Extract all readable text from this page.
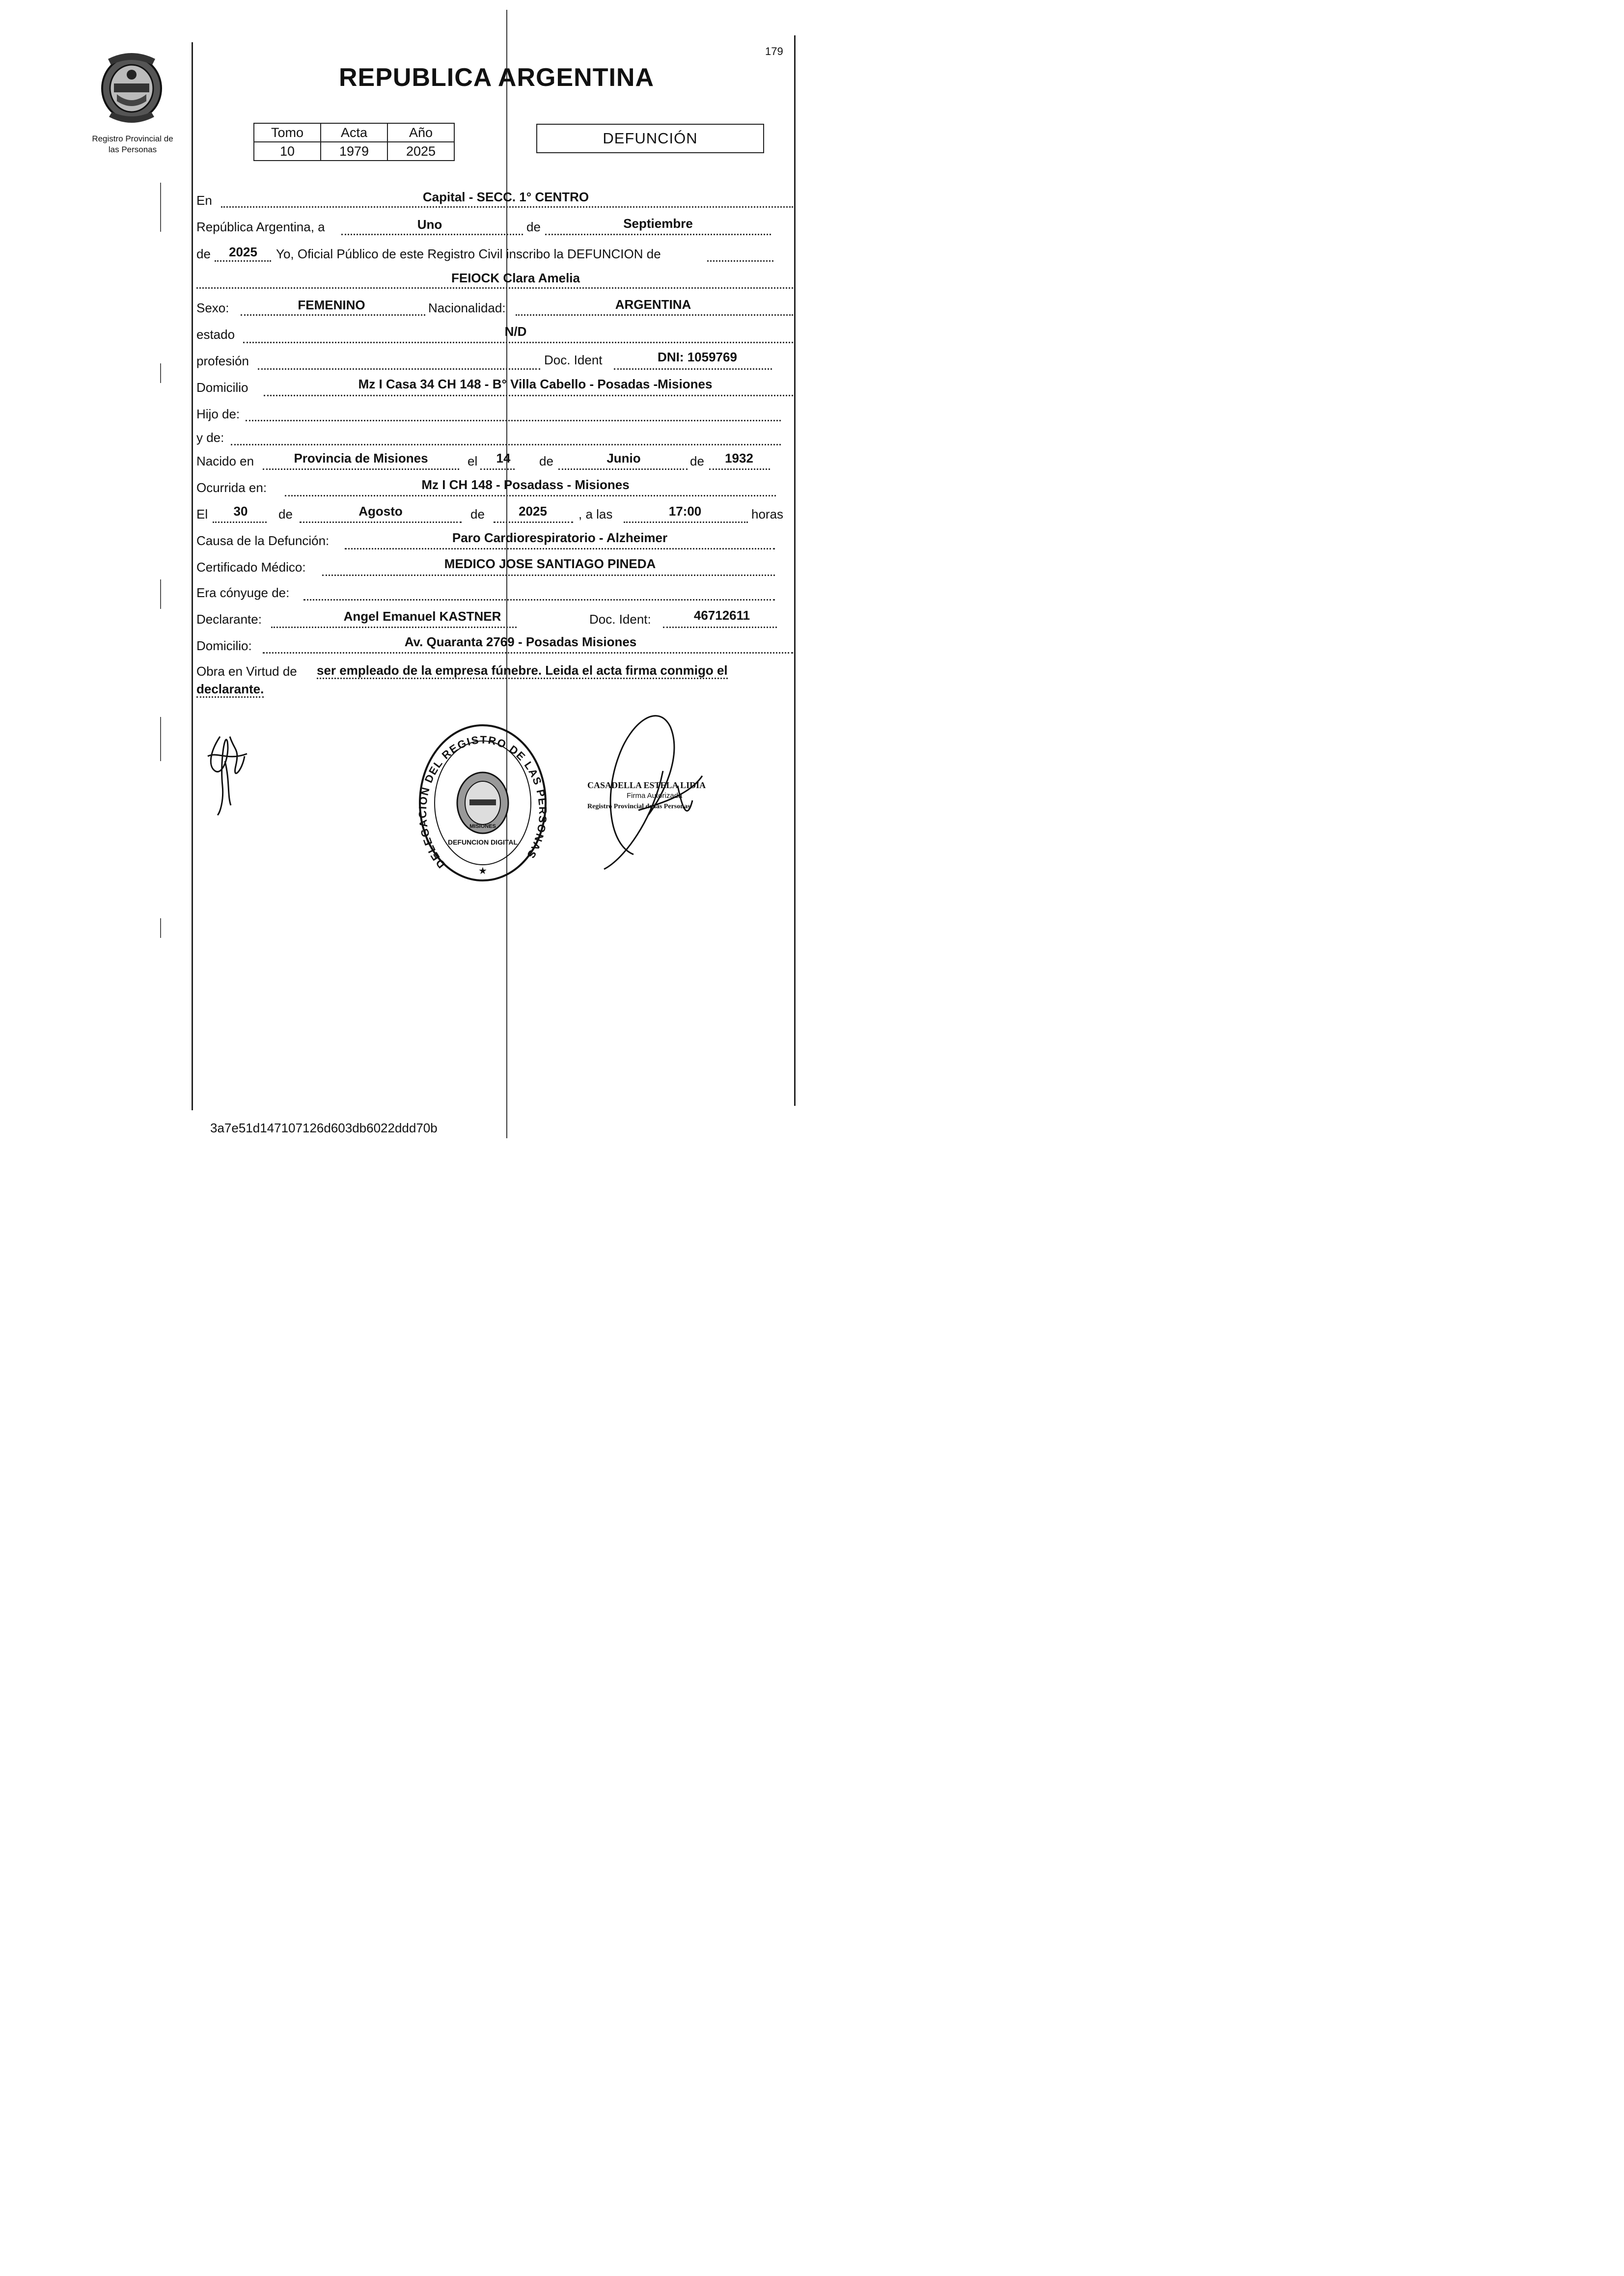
Registro Provincial de
las Personas
179
REPUBLICA ARGENTINA
Tomo	Acta	Año
10	1979	2025
DEFUNCIÓN
En	Capital - SECC. 1° CENTRO
República Argentina, a	Uno	de	Septiembre
de	2025	Yo, Oficial Público de este Registro Civil inscribo la DEFUNCION de
FEIOCK Clara Amelia
Sexo:	FEMENINO	Nacionalidad:	ARGENTINA
estado	N/D
profesión	Doc. Ident	DNI: 1059769
Domicilio	Mz I Casa 34 CH 148 - B° Villa Cabello - Posadas -Misiones
Hijo de:
y de:
Nacido en	Provincia de Misiones	el	14	de	Junio	de	1932
Ocurrida en:	Mz I CH 148 - Posadass - Misiones
El	30	de	Agosto	de	2025	, a las	17:00	horas
Causa de la Defunción:	Paro Cardiorespiratorio - Alzheimer
Certificado Médico:	MEDICO JOSE SANTIAGO PINEDA
Era cónyuge de:
Declarante:	Angel Emanuel KASTNER	Doc. Ident:	46712611
Domicilio:	Av. Quaranta 2769 - Posadas Misiones
Obra en Virtud de ser empleado de la empresa fúnebre. Leida el acta firma conmigo el
declarante.
DELEGACION DEL REGISTRO DE LAS PERSONAS
DEFUNCION DIGITAL
MISIONES
★
CASADELLA ESTELA LIDIA
Firma Autorizada
Registro Provincial de las Personas
3a7e51d147107126d603db6022ddd70b
